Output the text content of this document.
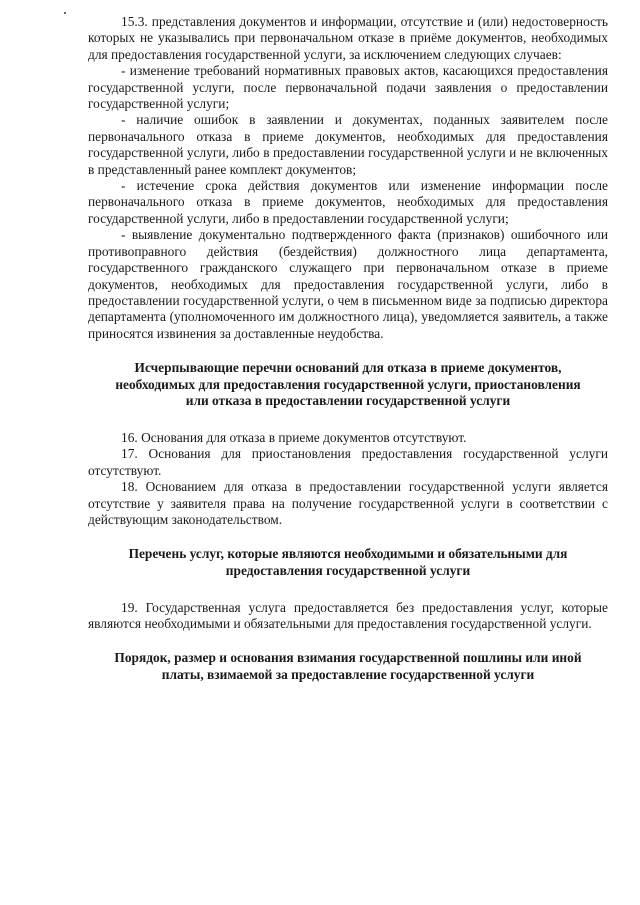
15.3. представления документов и информации, отсутствие и (или) недостоверность которых не указывались при первоначальном отказе в приёме документов, необходимых для предоставления государственной услуги, за исключением следующих случаев:

- изменение требований нормативных правовых актов, касающихся предоставления государственной услуги, после первоначальной подачи заявления о предоставлении государственной услуги;

- наличие ошибок в заявлении и документах, поданных заявителем после первоначального отказа в приеме документов, необходимых для предоставления государственной услуги, либо в предоставлении государственной услуги и не включенных в представленный ранее комплект документов;

- истечение срока действия документов или изменение информации после первоначального отказа в приеме документов, необходимых для предоставления государственной услуги, либо в предоставлении государственной услуги;

- выявление документально подтвержденного факта (признаков) ошибочного или противоправного действия (бездействия) должностного лица департамента, государственного гражданского служащего при первоначальном отказе в приеме документов, необходимых для предоставления государственной услуги, либо в предоставлении государственной услуги, о чем в письменном виде за подписью директора департамента (уполномоченного им должностного лица), уведомляется заявитель, а также приносятся извинения за доставленные неудобства.

Исчерпывающие перечни оснований для отказа в приеме документов, необходимых для предоставления государственной услуги, приостановления или отказа в предоставлении государственной услуги

16. Основания для отказа в приеме документов отсутствуют.

17. Основания для приостановления предоставления государственной услуги отсутствуют.

18. Основанием для отказа в предоставлении государственной услуги является отсутствие у заявителя права на получение государственной услуги в соответствии с действующим законодательством.

Перечень услуг, которые являются необходимыми и обязательными для предоставления государственной услуги

19. Государственная услуга предоставляется без предоставления услуг, которые являются необходимыми и обязательными для предоставления государственной услуги.

Порядок, размер и основания взимания государственной пошлины или иной платы, взимаемой за предоставление государственной услуги
